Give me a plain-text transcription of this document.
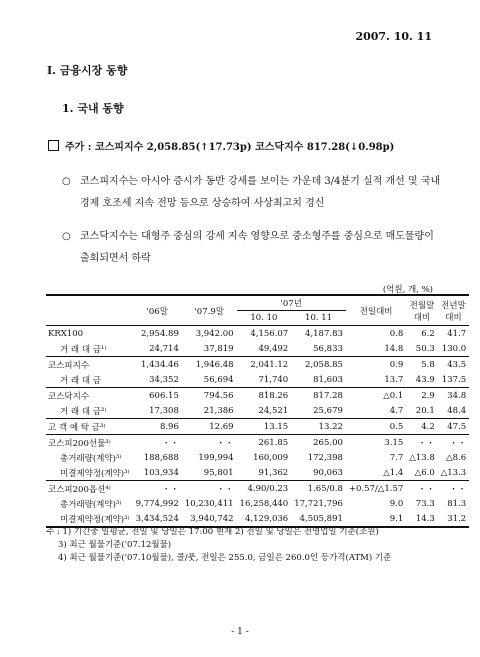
2007. 10. 11
I. 금융시장 동향
1. 국내 동향
주가 : 코스피지수 2,058.85(↑17.73p) 코스닥지수 817.28(↓0.98p)
○ 코스피지수는 아시아 증시가 동반 강세를 보이는 가운데 3/4분기 실적 개선 및 국내 경제 호조세 지속 전망 등으로 상승하여 사상최고치 경신
○ 코스닥지수는 대형주 중심의 강세 지속 영향으로 중소형주를 중심으로 매도물량이 출회되면서 하락
(억원, 개, %)
	'06말	'07.9말	'07년		전일대비	전월말대비	전년말대비
			10. 10	10. 11			
KRX100	2,954.89	3,942.00	4,156.07	4,187.83	0.8	6.2	41.7
거 래 대 금¹⁾	24,714	37,819	49,492	56,833	14.8	50.3	130.0
코스피지수	1,434.46	1,946.48	2,041.12	2,058.85	0.9	5.8	43.5
거 래 대 금	34,352	56,694	71,740	81,603	13.7	43.9	137.5
코스닥지수	606.15	794.56	818.26	817.28	△0.1	2.9	34.8
거 래 대 금²⁾	17,308	21,386	24,521	25,679	4.7	20.1	48.4
고 객 예 탁 금³⁾	8.96	12.69	13.15	13.22	0.5	4.2	47.5
코스피200선물³⁾	・・	・・	261.85	265.00	3.15	・・	・・
총거래량(계약)³⁾	188,688	199,994	160,009	172,398	7.7	△13.8	△8.6
미결제약정(계약)³⁾	103,934	95,801	91,362	90,063	△1.4	△6.0	△13.3
코스피200옵션⁴⁾	・・	・・	4.90/0.23	1.65/0.8	+0.57/△1.57	・・	・・
총거래량(계약)³⁾	9,774,992	10,230,411	16,258,440	17,721,796	9.0	73.3	81.3
미결제약정(계약)³⁾	3,434,524	3,940,742	4,129,036	4,505,891	9.1	14.3	31.2
주 : 1) 기간중 일평균, 전일 및 당일은 17:00 현재 2) 전일 및 당일은 전영업일 기준(조원)
3) 최근 월물기준('07.12월물)
4) 최근 월물기준('07.10월물), 콜/풋, 전일은 255.0, 금일은 260.0인 등가격(ATM) 기준
- 1 -
